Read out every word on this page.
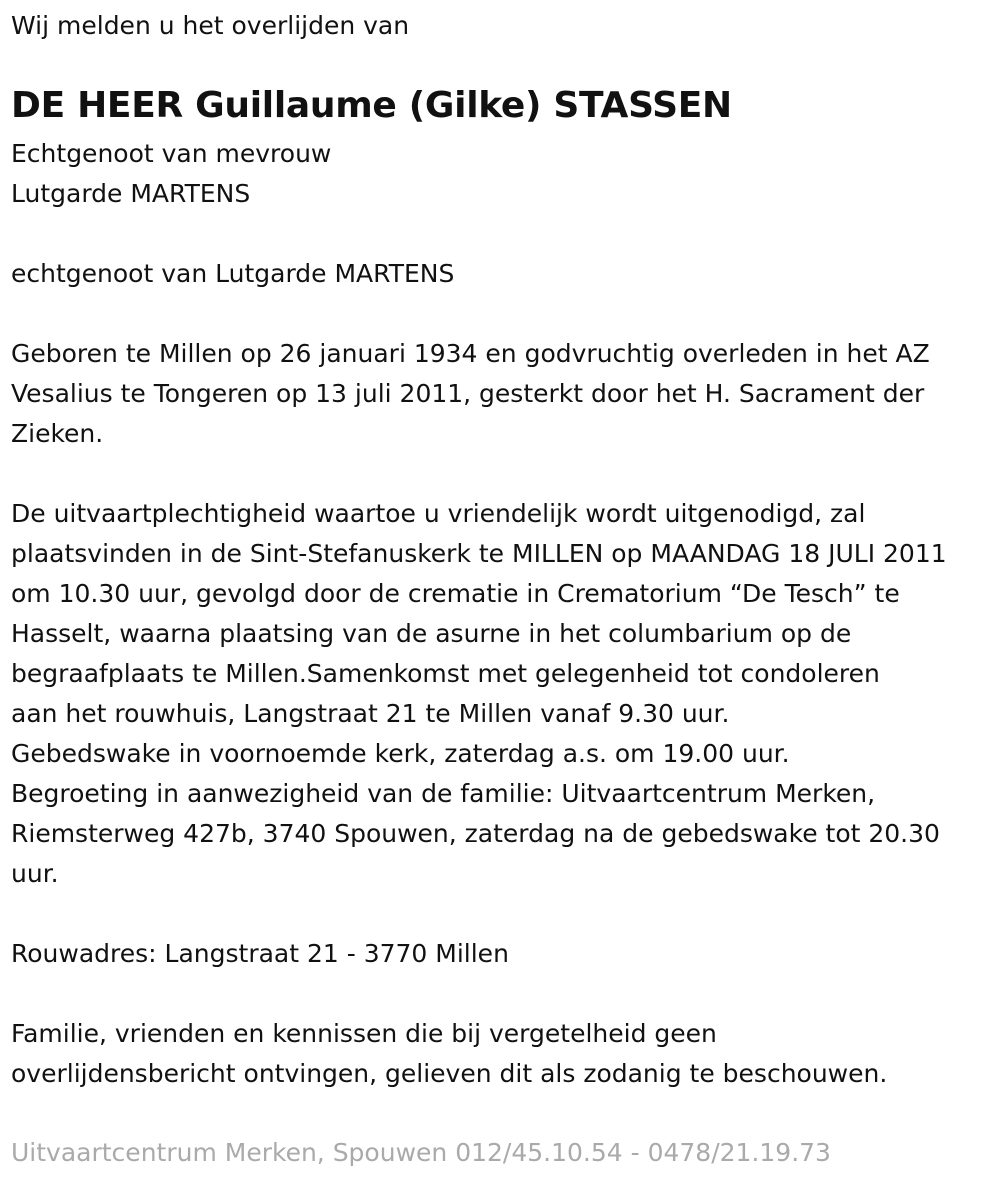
Wij melden u het overlijden van
DE HEER Guillaume (Gilke) STASSEN
Echtgenoot van mevrouw
Lutgarde MARTENS
echtgenoot van Lutgarde MARTENS
Geboren te Millen op 26 januari 1934 en godvruchtig overleden in het AZ
Vesalius te Tongeren op 13 juli 2011, gesterkt door het H. Sacrament der
Zieken.
De uitvaartplechtigheid waartoe u vriendelijk wordt uitgenodigd, zal
plaatsvinden in de Sint-Stefanuskerk te MILLEN op MAANDAG 18 JULI 2011
om 10.30 uur, gevolgd door de crematie in Crematorium “De Tesch” te
Hasselt, waarna plaatsing van de asurne in het columbarium op de
begraafplaats te Millen.Samenkomst met gelegenheid tot condoleren
aan het rouwhuis, Langstraat 21 te Millen vanaf 9.30 uur.
Gebedswake in voornoemde kerk, zaterdag a.s. om 19.00 uur.
Begroeting in aanwezigheid van de familie: Uitvaartcentrum Merken,
Riemsterweg 427b, 3740 Spouwen, zaterdag na de gebedswake tot 20.30
uur.
Rouwadres: Langstraat 21 - 3770 Millen
Familie, vrienden en kennissen die bij vergetelheid geen
overlijdensbericht ontvingen, gelieven dit als zodanig te beschouwen.
Uitvaartcentrum Merken, Spouwen 012/45.10.54 - 0478/21.19.73
